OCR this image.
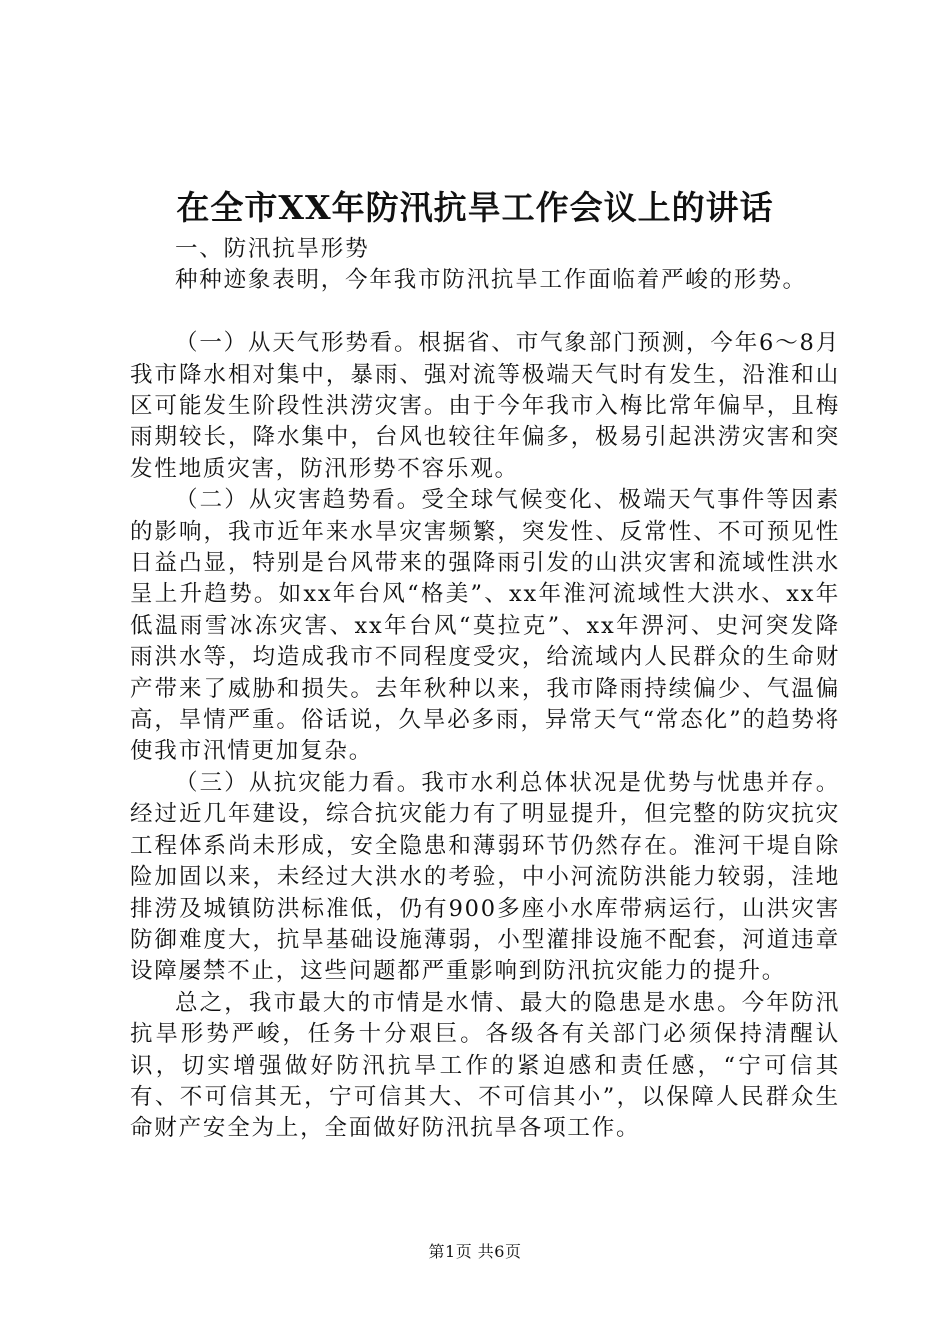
在全市XX年防汛抗旱工作会议上的讲话

一、防汛抗旱形势

种种迹象表明，今年我市防汛抗旱工作面临着严峻的形势。

（一）从天气形势看。根据省、市气象部门预测，今年6～8月我市降水相对集中，暴雨、强对流等极端天气时有发生，沿淮和山区可能发生阶段性洪涝灾害。由于今年我市入梅比常年偏早，且梅雨期较长，降水集中，台风也较往年偏多，极易引起洪涝灾害和突发性地质灾害，防汛形势不容乐观。

（二）从灾害趋势看。受全球气候变化、极端天气事件等因素的影响，我市近年来水旱灾害频繁，突发性、反常性、不可预见性日益凸显，特别是台风带来的强降雨引发的山洪灾害和流域性洪水呈上升趋势。如xx年台风“格美”、xx年淮河流域性大洪水、xx年低温雨雪冰冻灾害、xx年台风“莫拉克”、xx年淠河、史河突发降雨洪水等，均造成我市不同程度受灾，给流域内人民群众的生命财产带来了威胁和损失。去年秋种以来，我市降雨持续偏少、气温偏高，旱情严重。俗话说，久旱必多雨，异常天气“常态化”的趋势将使我市汛情更加复杂。

（三）从抗灾能力看。我市水利总体状况是优势与忧患并存。经过近几年建设，综合抗灾能力有了明显提升，但完整的防灾抗灾工程体系尚未形成，安全隐患和薄弱环节仍然存在。淮河干堤自除险加固以来，未经过大洪水的考验，中小河流防洪能力较弱，洼地排涝及城镇防洪标准低，仍有900多座小水库带病运行，山洪灾害防御难度大，抗旱基础设施薄弱，小型灌排设施不配套，河道违章设障屡禁不止，这些问题都严重影响到防汛抗灾能力的提升。

总之，我市最大的市情是水情、最大的隐患是水患。今年防汛抗旱形势严峻，任务十分艰巨。各级各有关部门必须保持清醒认识，切实增强做好防汛抗旱工作的紧迫感和责任感，“宁可信其有、不可信其无，宁可信其大、不可信其小”，以保障人民群众生命财产安全为上，全面做好防汛抗旱各项工作。

第1页 共6页
